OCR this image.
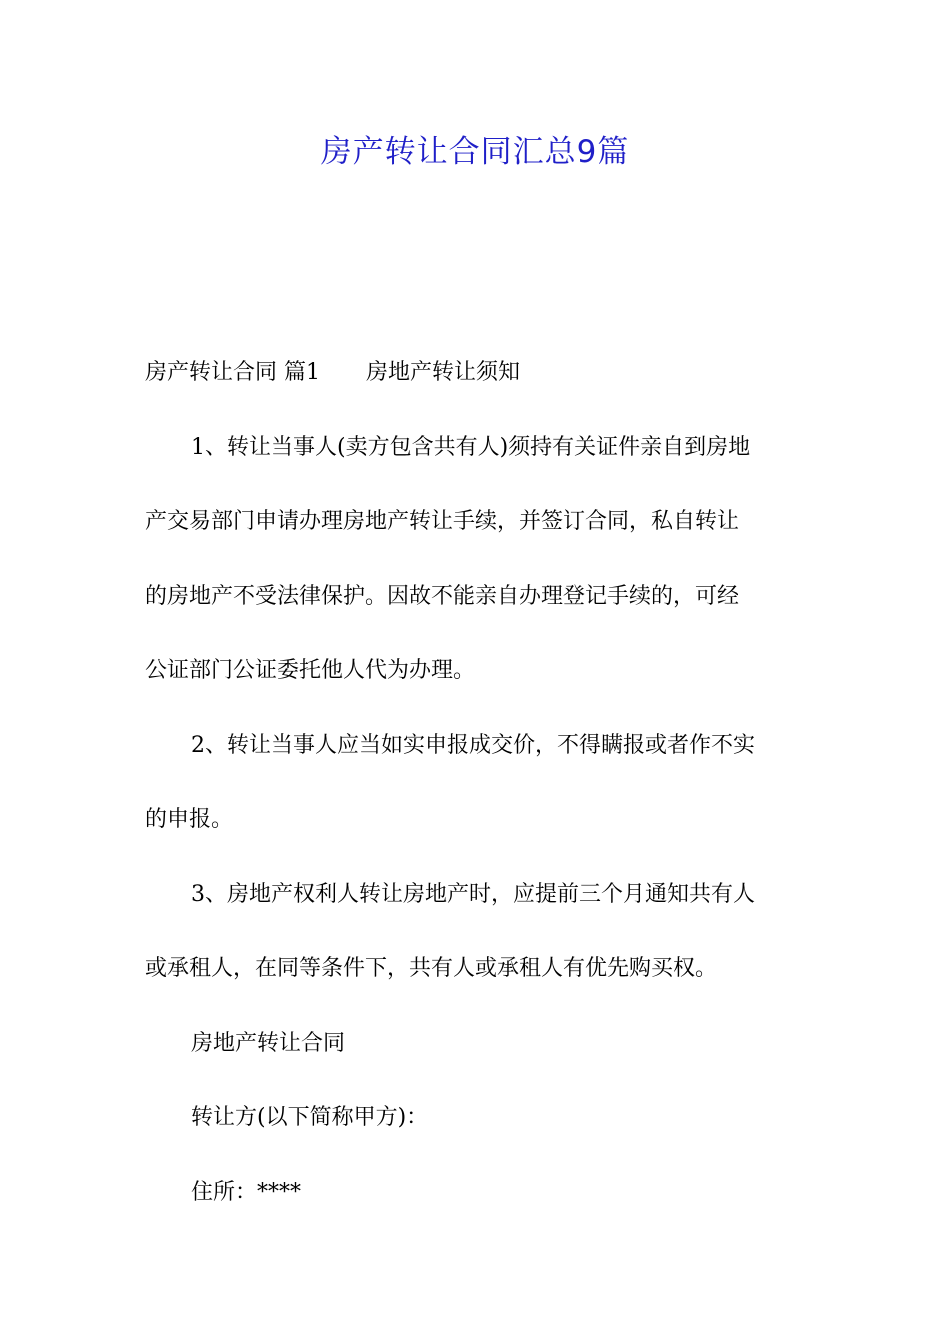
房产转让合同汇总9篇
房产转让合同 篇1 房地产转让须知
1、转让当事人(卖方包含共有人)须持有关证件亲自到房地
产交易部门申请办理房地产转让手续，并签订合同，私自转让
的房地产不受法律保护。因故不能亲自办理登记手续的，可经
公证部门公证委托他人代为办理。
2、转让当事人应当如实申报成交价，不得瞒报或者作不实
的申报。
3、房地产权利人转让房地产时，应提前三个月通知共有人
或承租人，在同等条件下，共有人或承租人有优先购买权。
房地产转让合同
转让方(以下简称甲方)：
住所：****
